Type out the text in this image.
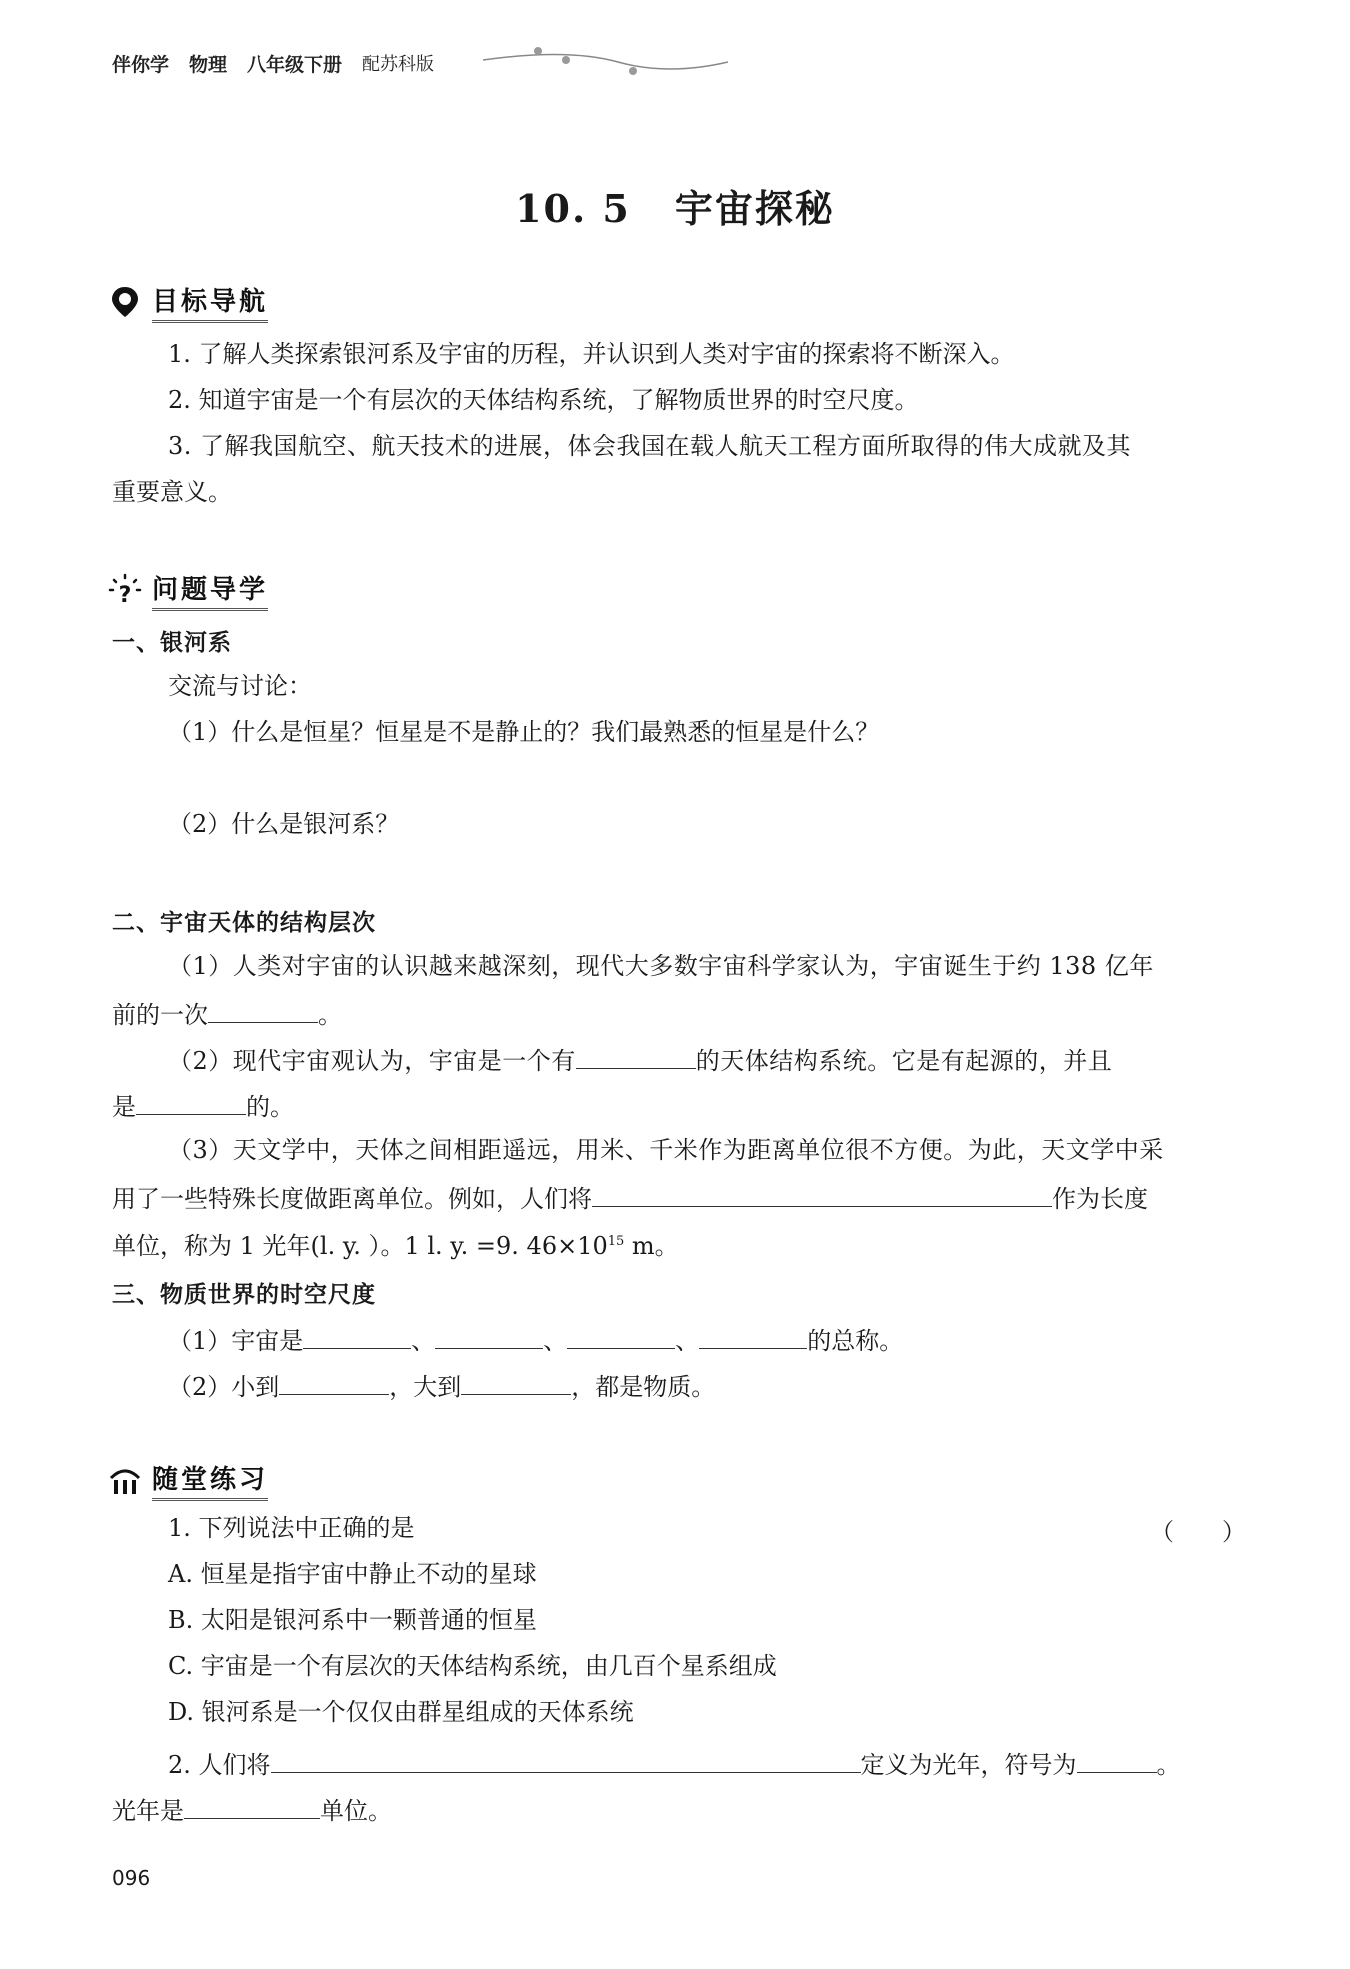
伴你学 物理 八年级下册 配苏科版
10. 5 宇宙探秘
目标导航
1. 了解人类探索银河系及宇宙的历程，并认识到人类对宇宙的探索将不断深入。
2. 知道宇宙是一个有层次的天体结构系统，了解物质世界的时空尺度。
3. 了解我国航空、航天技术的进展，体会我国在载人航天工程方面所取得的伟大成就及其
重要意义。
? 问题导学
一、银河系
交流与讨论：
（1）什么是恒星？恒星是不是静止的？我们最熟悉的恒星是什么？
（2）什么是银河系？
二、宇宙天体的结构层次
（1）人类对宇宙的认识越来越深刻，现代大多数宇宙科学家认为，宇宙诞生于约 138 亿年
前的一次	。
（2）现代宇宙观认为，宇宙是一个有	的天体结构系统。它是有起源的，并且
是	的。
（3）天文学中，天体之间相距遥远，用米、千米作为距离单位很不方便。为此，天文学中采
用了一些特殊长度做距离单位。例如，人们将	作为长度
单位，称为 1 光年(l. y. ）。1 l. y. =9. $46\times 10^{15}$ m。
三、物质世界的时空尺度
（1）宇宙是	、	、	、	的总称。
（2）小到	，大到	，都是物质。
随堂练习
1. 下列说法中正确的是	（　　）
A. 恒星是指宇宙中静止不动的星球
B. 太阳是银河系中一颗普通的恒星
C. 宇宙是一个有层次的天体结构系统，由几百个星系组成
D. 银河系是一个仅仅由群星组成的天体系统
2. 人们将	定义为光年，符号为	。
光年是	单位。
096
